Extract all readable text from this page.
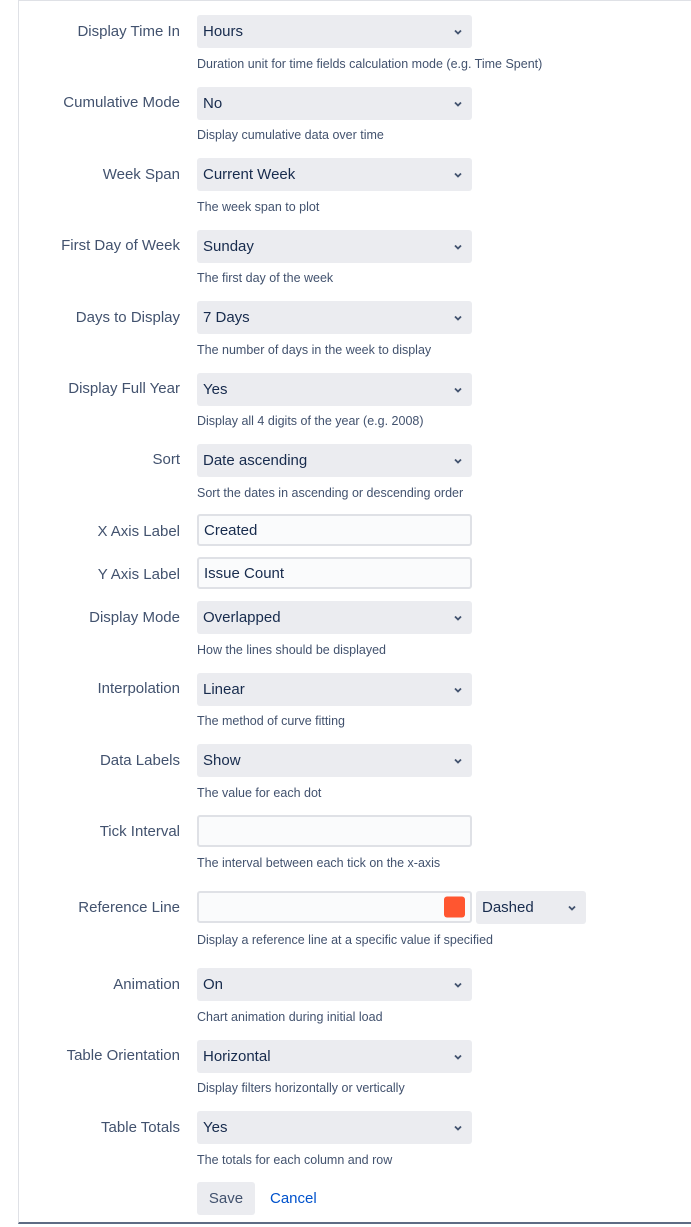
Display Time In Hours
Duration unit for time fields calculation mode (e.g. Time Spent)
Cumulative Mode No
Display cumulative data over time
Week Span Current Week
The week span to plot
First Day of Week Sunday
The first day of the week
Days to Display 7 Days
The number of days in the week to display
Display Full Year Yes
Display all 4 digits of the year (e.g. 2008)
Sort Date ascending
Sort the dates in ascending or descending order
X Axis Label Created
Y Axis Label Issue Count
Display Mode Overlapped
How the lines should be displayed
Interpolation Linear
The method of curve fitting
Data Labels Show
The value for each dot
Tick Interval
The interval between each tick on the x-axis
Reference Line	Dashed
Display a reference line at a specific value if specified
Animation On
Chart animation during initial load
Table Orientation Horizontal
Display filters horizontally or vertically
Table Totals Yes
The totals for each column and row
Save	Cancel
